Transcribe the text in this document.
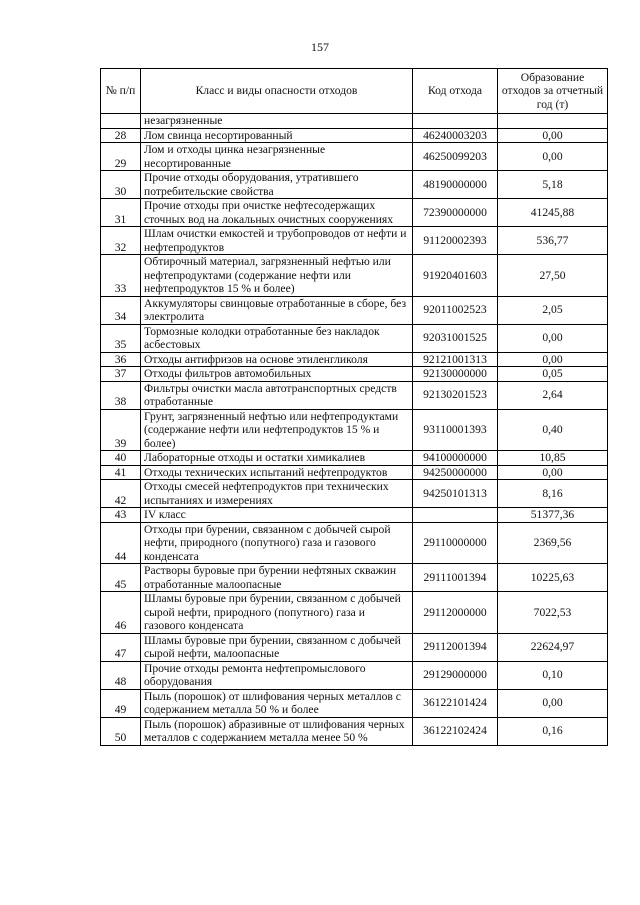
157
№ п/п	Класс и виды опасности отходов	Код отхода	Образование отходов за отчетный год (т)
	незагрязненные		
28	Лом свинца несортированный	46240003203	0,00
29	Лом и отходы цинка незагрязненные несортированные	46250099203	0,00
30	Прочие отходы оборудования, утратившего потребительские свойства	48190000000	5,18
31	Прочие отходы при очистке нефтесодержащих сточных вод на локальных очистных сооружениях	72390000000	41245,88
32	Шлам очистки емкостей и трубопроводов от нефти и нефтепродуктов	91120002393	536,77
33	Обтирочный материал, загрязненный нефтью или нефтепродуктами (содержание нефти или нефтепродуктов 15 % и более)	91920401603	27,50
34	Аккумуляторы свинцовые отработанные в сборе, без электролита	92011002523	2,05
35	Тормозные колодки отработанные без накладок асбестовых	92031001525	0,00
36	Отходы антифризов на основе этиленгликоля	92121001313	0,00
37	Отходы фильтров автомобильных	92130000000	0,05
38	Фильтры очистки масла автотранспортных средств отработанные	92130201523	2,64
39	Грунт, загрязненный нефтью или нефтепродуктами (содержание нефти или нефтепродуктов 15 % и более)	93110001393	0,40
40	Лабораторные отходы и остатки химикалиев	94100000000	10,85
41	Отходы технических испытаний нефтепродуктов	94250000000	0,00
42	Отходы смесей нефтепродуктов при технических испытаниях и измерениях	94250101313	8,16
43	IV класс		51377,36
44	Отходы при бурении, связанном с добычей сырой нефти, природного (попутного) газа и газового конденсата	29110000000	2369,56
45	Растворы буровые при бурении нефтяных скважин отработанные малоопасные	29111001394	10225,63
46	Шламы буровые при бурении, связанном с добычей сырой нефти, природного (попутного) газа и газового конденсата	29112000000	7022,53
47	Шламы буровые при бурении, связанном с добычей сырой нефти, малоопасные	29112001394	22624,97
48	Прочие отходы ремонта нефтепромыслового оборудования	29129000000	0,10
49	Пыль (порошок) от шлифования черных металлов с содержанием металла 50 % и более	36122101424	0,00
50	Пыль (порошок) абразивные от шлифования черных металлов с содержанием металла менее 50 %	36122102424	0,16
